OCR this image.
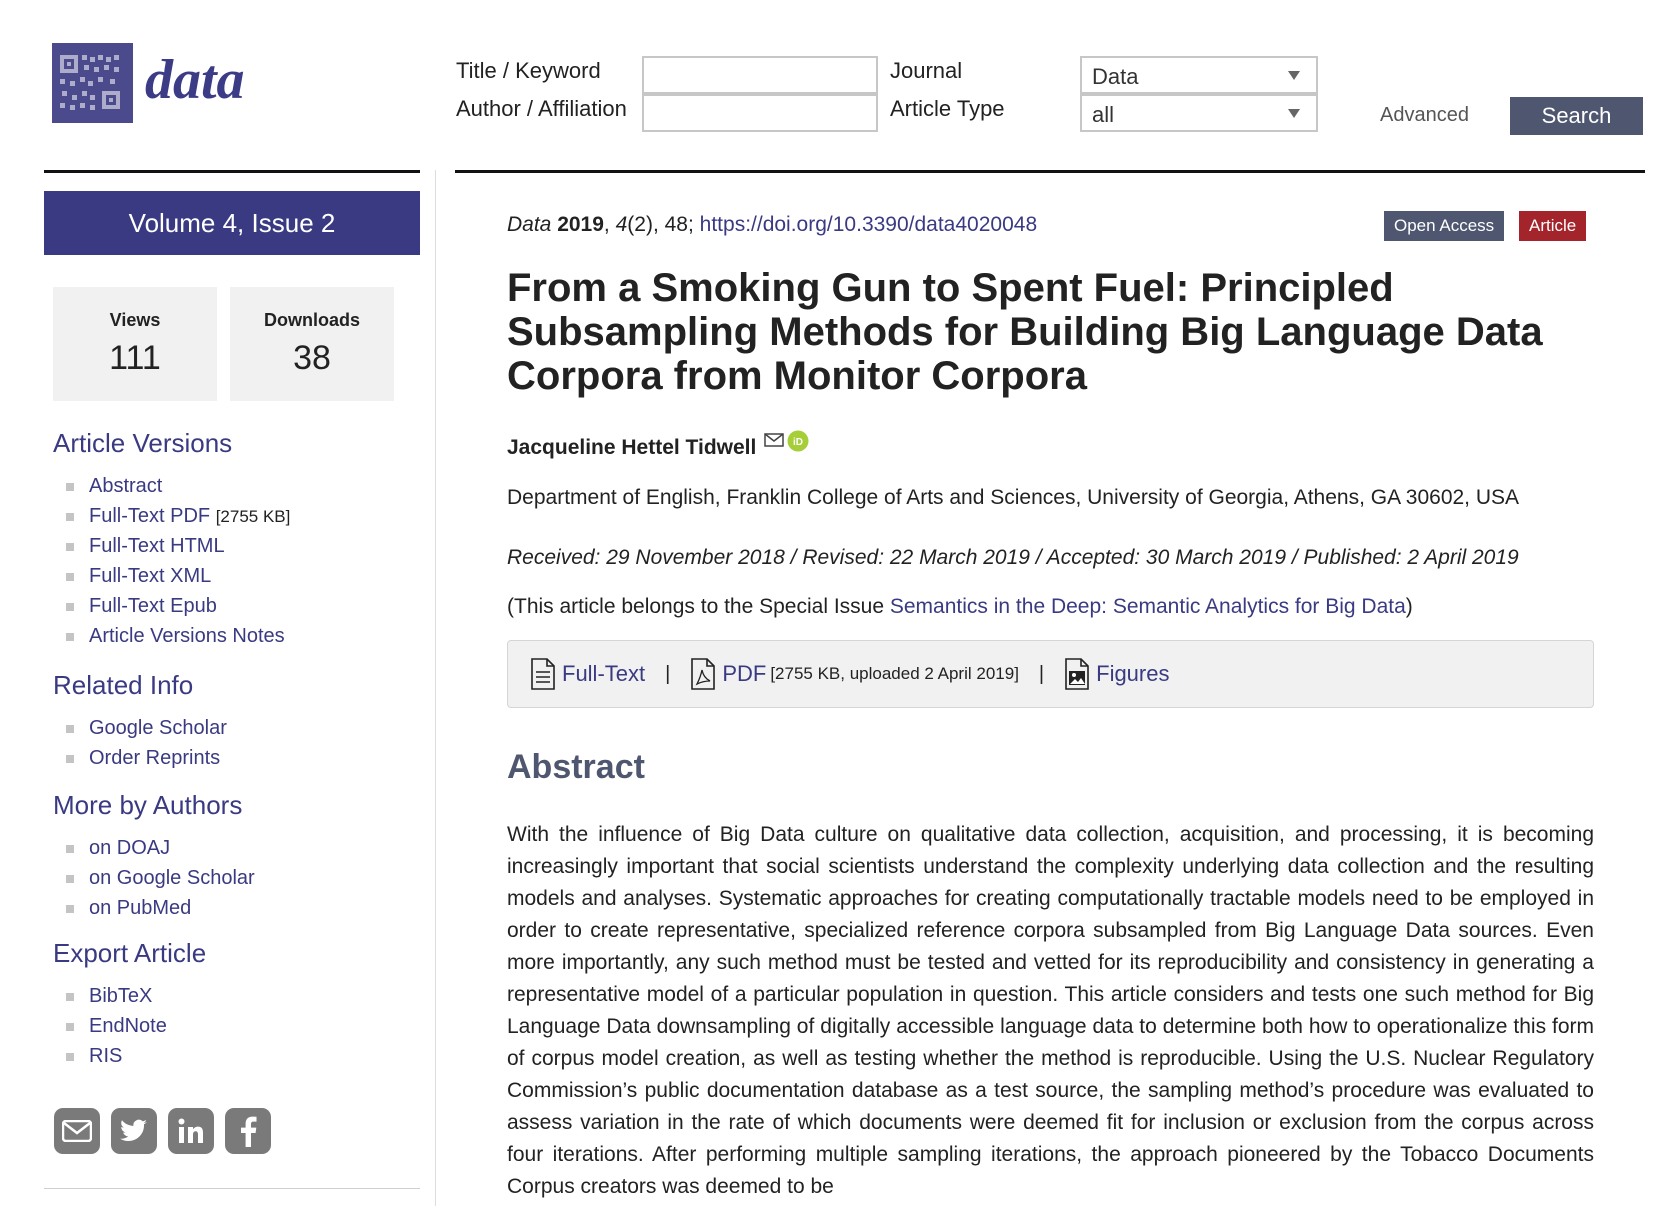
data	Title / Keyword
Author / Affiliation
Journal
Article Type
Data
all	Advanced	Search
Volume 4, Issue 2
Views
111
Downloads
38
Article Versions
Abstract
Full-Text PDF [2755 KB]
Full-Text HTML
Full-Text XML
Full-Text Epub
Article Versions Notes
Related Info
Google Scholar
Order Reprints
More by Authors
on DOAJ
on Google Scholar
on PubMed
Export Article
BibTeX
EndNote
RIS
Data 2019, 4(2), 48; https://doi.org/10.3390/data4020048	Open Access	Article
From a Smoking Gun to Spent Fuel: Principled Subsampling Methods for Building Big Language Data Corpora from Monitor Corpora
Jacqueline Hettel Tidwell	iD
Department of English, Franklin College of Arts and Sciences, University of Georgia, Athens, GA 30602, USA
Received: 29 November 2018 / Revised: 22 March 2019 / Accepted: 30 March 2019 / Published: 2 April 2019
(This article belongs to the Special Issue Semantics in the Deep: Semantic Analytics for Big Data)
Full-Text | PDF [2755 KB, uploaded 2 April 2019] | Figures
Abstract

With the influence of Big Data culture on qualitative data collection, acquisition, and processing, it is becoming increasingly important that social scientists understand the complexity underlying data collection and the resulting models and analyses. Systematic approaches for creating computationally tractable models need to be employed in order to create representative, specialized reference corpora subsampled from Big Language Data sources. Even more importantly, any such method must be tested and vetted for its reproducibility and consistency in generating a representative model of a particular population in question. This article considers and tests one such method for Big Language Data downsampling of digitally accessible language data to determine both how to operationalize this form of corpus model creation, as well as testing whether the method is reproducible. Using the U.S. Nuclear Regulatory Commission’s public documentation database as a test source, the sampling method’s procedure was evaluated to assess variation in the rate of which documents were deemed fit for inclusion or exclusion from the corpus across four iterations. After performing multiple sampling iterations, the approach pioneered by the Tobacco Documents Corpus creators was deemed to be
